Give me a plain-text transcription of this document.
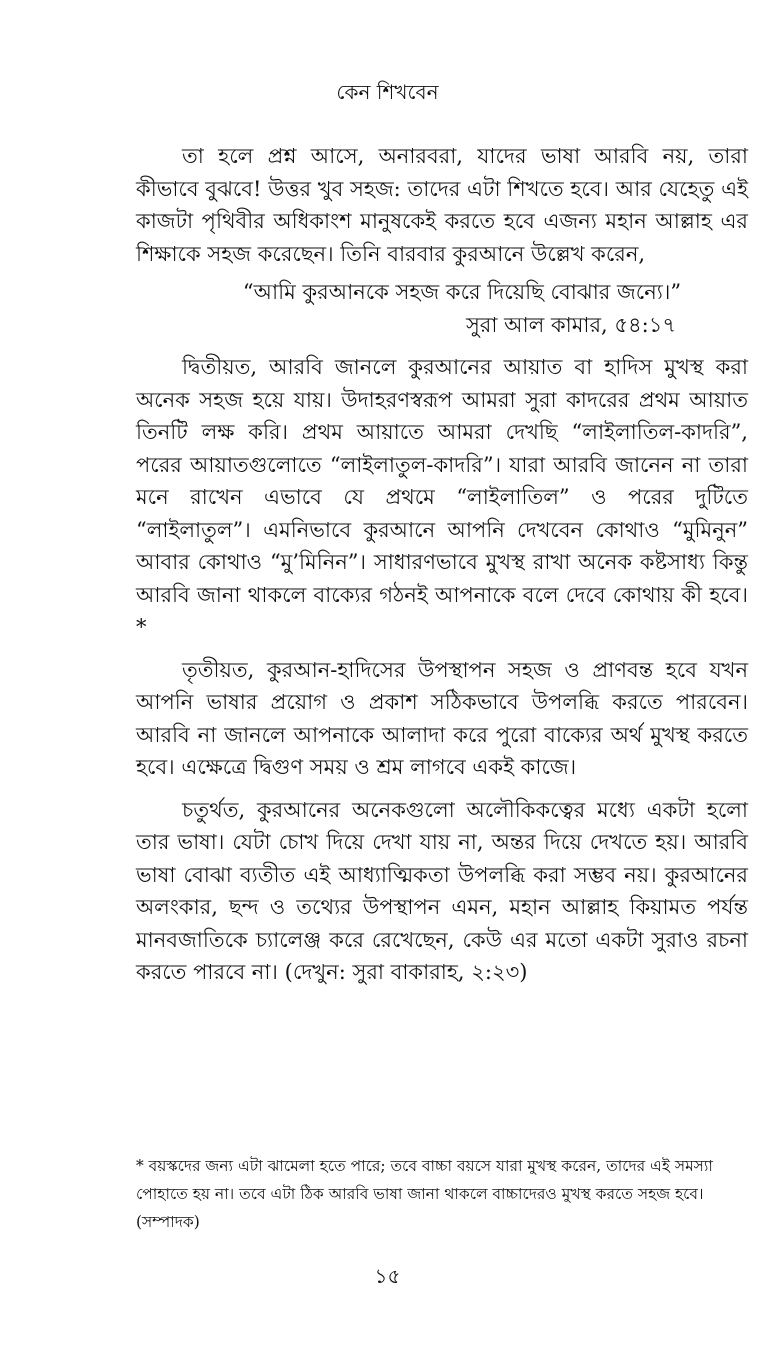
কেন শিখবেন

তা হলে প্রশ্ন আসে, অনারবরা, যাদের ভাষা আরবি নয়, তারা কীভাবে বুঝবে! উত্তর খুব সহজ: তাদের এটা শিখতে হবে। আর যেহেতু এই কাজটা পৃথিবীর অধিকাংশ মানুষকেই করতে হবে এজন্য মহান আল্লাহ এর শিক্ষাকে সহজ করেছেন। তিনি বারবার কুরআনে উল্লেখ করেন,

“আমি কুরআনকে সহজ করে দিয়েছি বোঝার জন্যে।”

সুরা আল কামার, ৫৪:১৭

দ্বিতীয়ত, আরবি জানলে কুরআনের আয়াত বা হাদিস মুখস্থ করা অনেক সহজ হয়ে যায়। উদাহরণস্বরূপ আমরা সুরা কাদরের প্রথম আয়াত তিনটি লক্ষ করি। প্রথম আয়াতে আমরা দেখছি “লাইলাতিল-কাদরি”, পরের আয়াতগুলোতে “লাইলাতুল-কাদরি”। যারা আরবি জানেন না তারা মনে রাখেন এভাবে যে প্রথমে “লাইলাতিল” ও পরের দুটিতে “লাইলাতুল”। এমনিভাবে কুরআনে আপনি দেখবেন কোথাও “মুমিনুন” আবার কোথাও “মু’মিনিন”। সাধারণভাবে মুখস্থ রাখা অনেক কষ্টসাধ্য কিন্তু আরবি জানা থাকলে বাক্যের গঠনই আপনাকে বলে দেবে কোথায় কী হবে।*

তৃতীয়ত, কুরআন-হাদিসের উপস্থাপন সহজ ও প্রাণবন্ত হবে যখন আপনি ভাষার প্রয়োগ ও প্রকাশ সঠিকভাবে উপলব্ধি করতে পারবেন। আরবি না জানলে আপনাকে আলাদা করে পুরো বাক্যের অর্থ মুখস্থ করতে হবে। এক্ষেত্রে দ্বিগুণ সময় ও শ্রম লাগবে একই কাজে।

চতুর্থত, কুরআনের অনেকগুলো অলৌকিকত্বের মধ্যে একটা হলো তার ভাষা। যেটা চোখ দিয়ে দেখা যায় না, অন্তর দিয়ে দেখতে হয়। আরবি ভাষা বোঝা ব্যতীত এই আধ্যাত্মিকতা উপলব্ধি করা সম্ভব নয়। কুরআনের অলংকার, ছন্দ ও তথ্যের উপস্থাপন এমন, মহান আল্লাহ কিয়ামত পর্যন্ত মানবজাতিকে চ্যালেঞ্জ করে রেখেছেন, কেউ এর মতো একটা সুরাও রচনা করতে পারবে না। (দেখুন: সুরা বাকারাহ, ২:২৩)

* বয়স্কদের জন্য এটা ঝামেলা হতে পারে; তবে বাচ্চা বয়সে যারা মুখস্থ করেন, তাদের এই সমস্যা পোহাতে হয় না। তবে এটা ঠিক আরবি ভাষা জানা থাকলে বাচ্চাদেরও মুখস্থ করতে সহজ হবে। (সম্পাদক)

১৫
